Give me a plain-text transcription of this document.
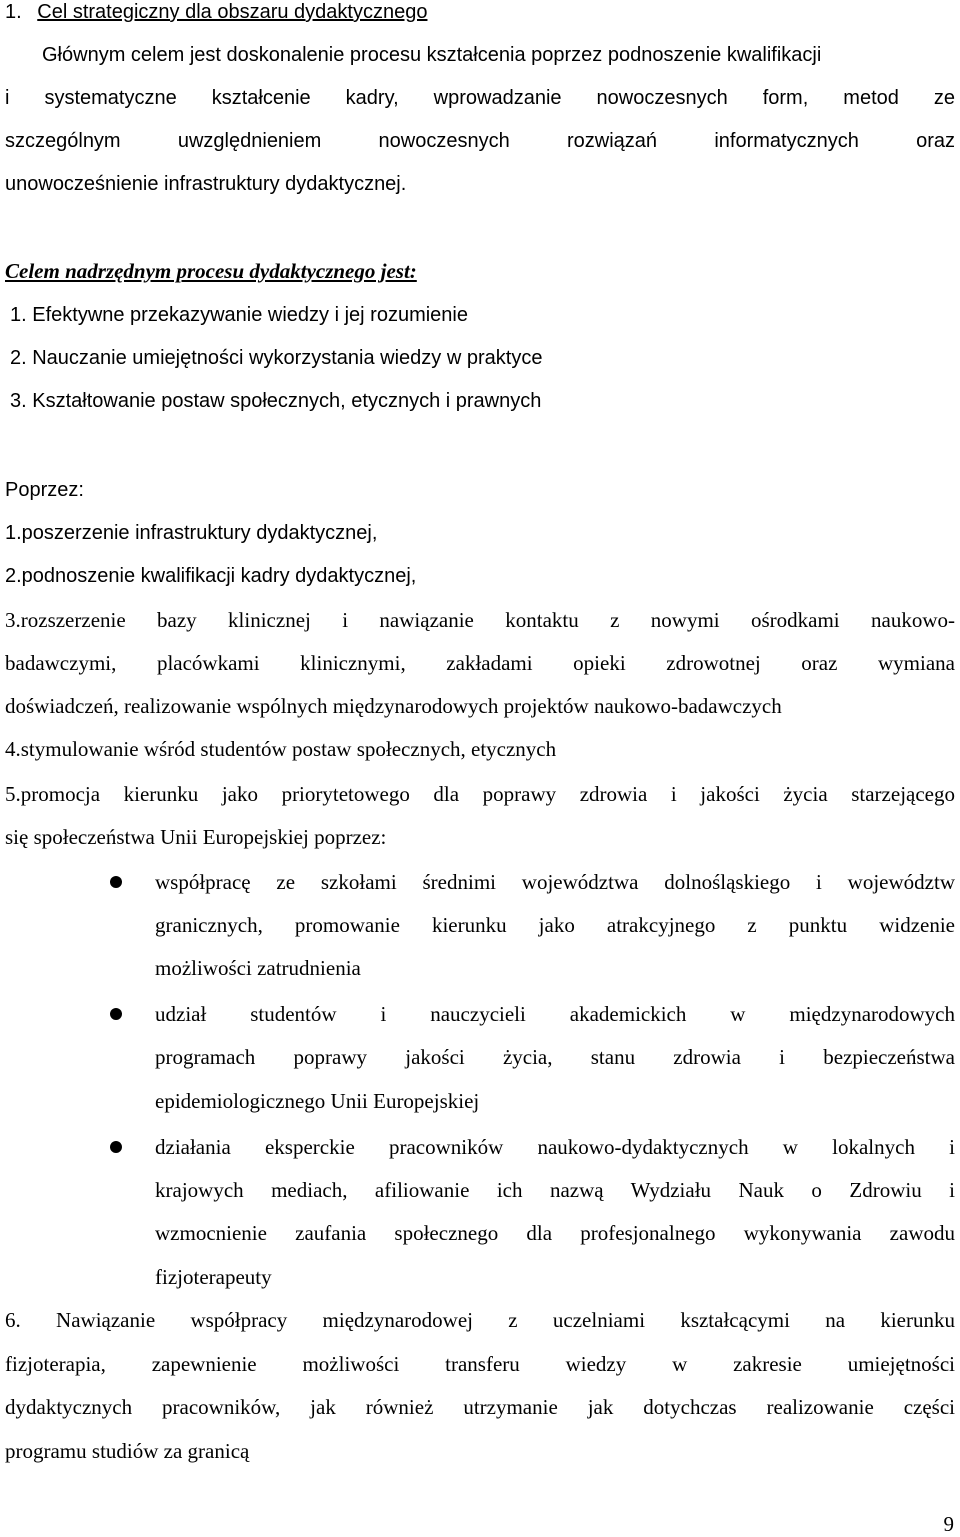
1. Cel strategiczny dla obszaru dydaktycznego
Głównym celem jest doskonalenie procesu kształcenia poprzez podnoszenie kwalifikacji
i systematyczne kształcenie kadry, wprowadzanie nowoczesnych form, metod ze
szczególnym uwzględnieniem nowoczesnych rozwiązań informatycznych oraz
unowocześnienie infrastruktury dydaktycznej.
Celem nadrzędnym procesu dydaktycznego jest:
1. Efektywne przekazywanie wiedzy i jej rozumienie
2. Nauczanie umiejętności wykorzystania wiedzy w praktyce
3. Kształtowanie postaw społecznych, etycznych i prawnych
Poprzez:
1.poszerzenie infrastruktury dydaktycznej,
2.podnoszenie kwalifikacji kadry dydaktycznej,
3.rozszerzenie bazy klinicznej i nawiązanie kontaktu z nowymi ośrodkami naukowo-
badawczymi, placówkami klinicznymi, zakładami opieki zdrowotnej oraz wymiana
doświadczeń, realizowanie wspólnych międzynarodowych projektów naukowo-badawczych
4.stymulowanie wśród studentów postaw społecznych, etycznych
5.promocja kierunku jako priorytetowego dla poprawy zdrowia i jakości życia starzejącego
się społeczeństwa Unii Europejskiej poprzez:
współpracę ze szkołami średnimi województwa dolnośląskiego i województw
granicznych, promowanie kierunku jako atrakcyjnego z punktu widzenie
możliwości zatrudnienia
udział studentów i nauczycieli akademickich w międzynarodowych
programach poprawy jakości życia, stanu zdrowia i bezpieczeństwa
epidemiologicznego Unii Europejskiej
działania eksperckie pracowników naukowo-dydaktycznych w lokalnych i
krajowych mediach, afiliowanie ich nazwą Wydziału Nauk o Zdrowiu i
wzmocnienie zaufania społecznego dla profesjonalnego wykonywania zawodu
fizjoterapeuty
6. Nawiązanie współpracy międzynarodowej z uczelniami kształcącymi na kierunku
fizjoterapia, zapewnienie możliwości transferu wiedzy w zakresie umiejętności
dydaktycznych pracowników, jak również utrzymanie jak dotychczas realizowanie części
programu studiów za granicą
9
